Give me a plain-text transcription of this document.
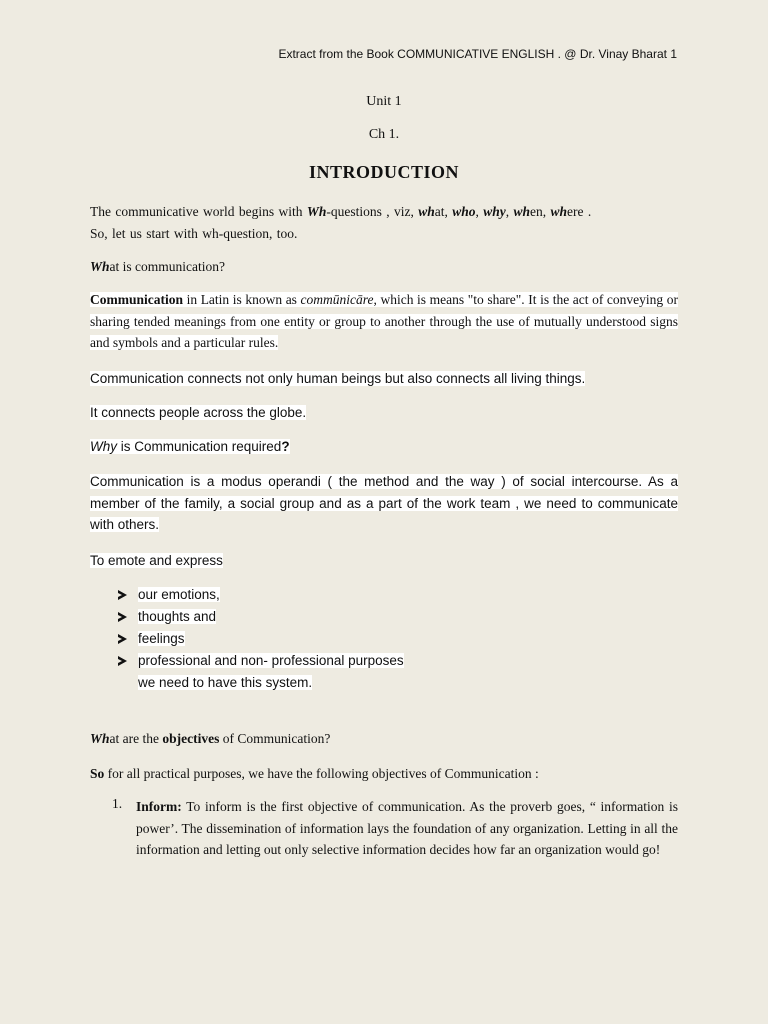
Extract from the Book COMMUNICATIVE ENGLISH . @ Dr. Vinay Bharat 1
Unit 1
Ch 1.
INTRODUCTION
The communicative world begins with Wh-questions , viz, what, who, why, when, where .
So, let us start with wh-question, too.
What is communication?
Communication in Latin is known as commūnicāre, which is means "to share". It is the act of conveying or sharing tended meanings from one entity or group to another through the use of mutually understood signs and symbols and a particular rules.
Communication connects not only human beings but also connects all living things.
It connects people across the globe.
Why is Communication required?
Communication is a modus operandi ( the method and the way ) of social intercourse. As a member of the family, a social group and as a part of the work team , we need to communicate with others.
To emote and express
our emotions,
thoughts and
feelings
professional and non- professional purposes
we need to have this system.
What are the objectives of Communication?
So for all practical purposes, we have the following objectives of Communication :
1. Inform: To inform is the first objective of communication. As the proverb goes, “ information is power’. The dissemination of information lays the foundation of any organization. Letting in all the information and letting out only selective information decides how far an organization would go!
